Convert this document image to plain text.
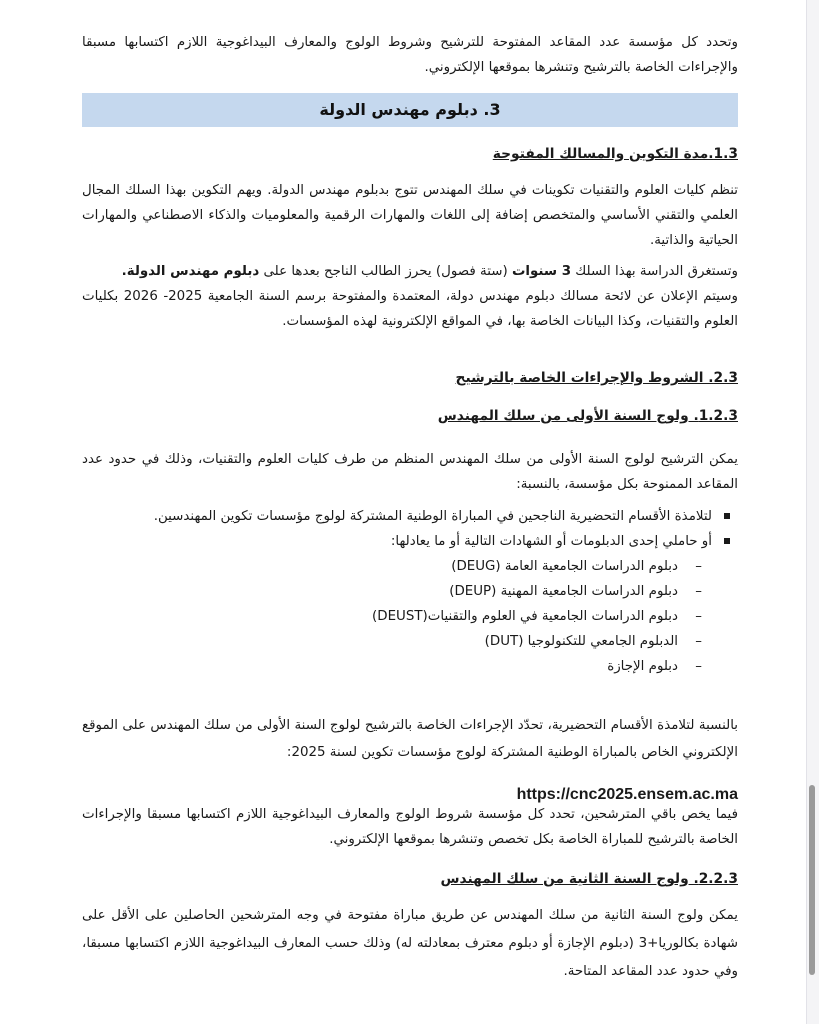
وتحدد كل مؤسسة عدد المقاعد المفتوحة للترشيح وشروط الولوج والمعارف البيداغوجية اللازم اكتسابها مسبقا والإجراءات الخاصة بالترشيح وتنشرها بموقعها الإلكتروني.

3. دبلوم مهندس الدولة

1.3.مدة التكوين والمسالك المفتوحة

تنظم كليات العلوم والتقنيات تكوينات في سلك المهندس تتوج بدبلوم مهندس الدولة. ويهم التكوين بهذا السلك المجال العلمي والتقني الأساسي والمتخصص إضافة إلى اللغات والمهارات الرقمية والمعلوميات والذكاء الاصطناعي والمهارات الحياتية والذاتية.

وتستغرق الدراسة بهذا السلك 3 سنوات (ستة فصول) يحرز الطالب الناجح بعدها على دبلوم مهندس الدولة.

وسيتم الإعلان عن لائحة مسالك دبلوم مهندس دولة، المعتمدة والمفتوحة برسم السنة الجامعية 2025- 2026 بكليات العلوم والتقنيات، وكذا البيانات الخاصة بها، في المواقع الإلكترونية لهذه المؤسسات.

2.3. الشروط والإجراءات الخاصة بالترشيح

1.2.3. ولوج السنة الأولى من سلك المهندس

يمكن الترشيح لولوج السنة الأولى من سلك المهندس المنظم من طرف كليات العلوم والتقنيات، وذلك في حدود عدد المقاعد الممنوحة بكل مؤسسة، بالنسبة:

لتلامذة الأقسام التحضيرية الناجحين في المباراة الوطنية المشتركة لولوج مؤسسات تكوين المهندسين.
أو حاملي إحدى الدبلومات أو الشهادات التالية أو ما يعادلها:
–
دبلوم الدراسات الجامعية العامة (DEUG)
–
دبلوم الدراسات الجامعية المهنية (DEUP)
–
دبلوم الدراسات الجامعية في العلوم والتقنيات(DEUST)
–
الدبلوم الجامعي للتكنولوجيا (DUT)
–
دبلوم الإجازة

بالنسبة لتلامذة الأقسام التحضيرية، تحدّد الإجراءات الخاصة بالترشيح لولوج السنة الأولى من سلك المهندس على الموقع الإلكتروني الخاص بالمباراة الوطنية المشتركة لولوج مؤسسات تكوين لسنة 2025:

https://cnc2025.ensem.ac.ma

فيما يخص باقي المترشحين، تحدد كل مؤسسة شروط الولوج والمعارف البيداغوجية اللازم اكتسابها مسبقا والإجراءات الخاصة بالترشيح للمباراة الخاصة بكل تخصص وتنشرها بموقعها الإلكتروني.

2.2.3. ولوج السنة الثانية من سلك المهندس

يمكن ولوج السنة الثانية من سلك المهندس عن طريق مباراة مفتوحة في وجه المترشحين الحاصلين على الأقل على شهادة بكالوريا+3 (دبلوم الإجازة أو دبلوم معترف بمعادلته له) وذلك حسب المعارف البيداغوجية اللازم اكتسابها مسبقا، وفي حدود عدد المقاعد المتاحة.
